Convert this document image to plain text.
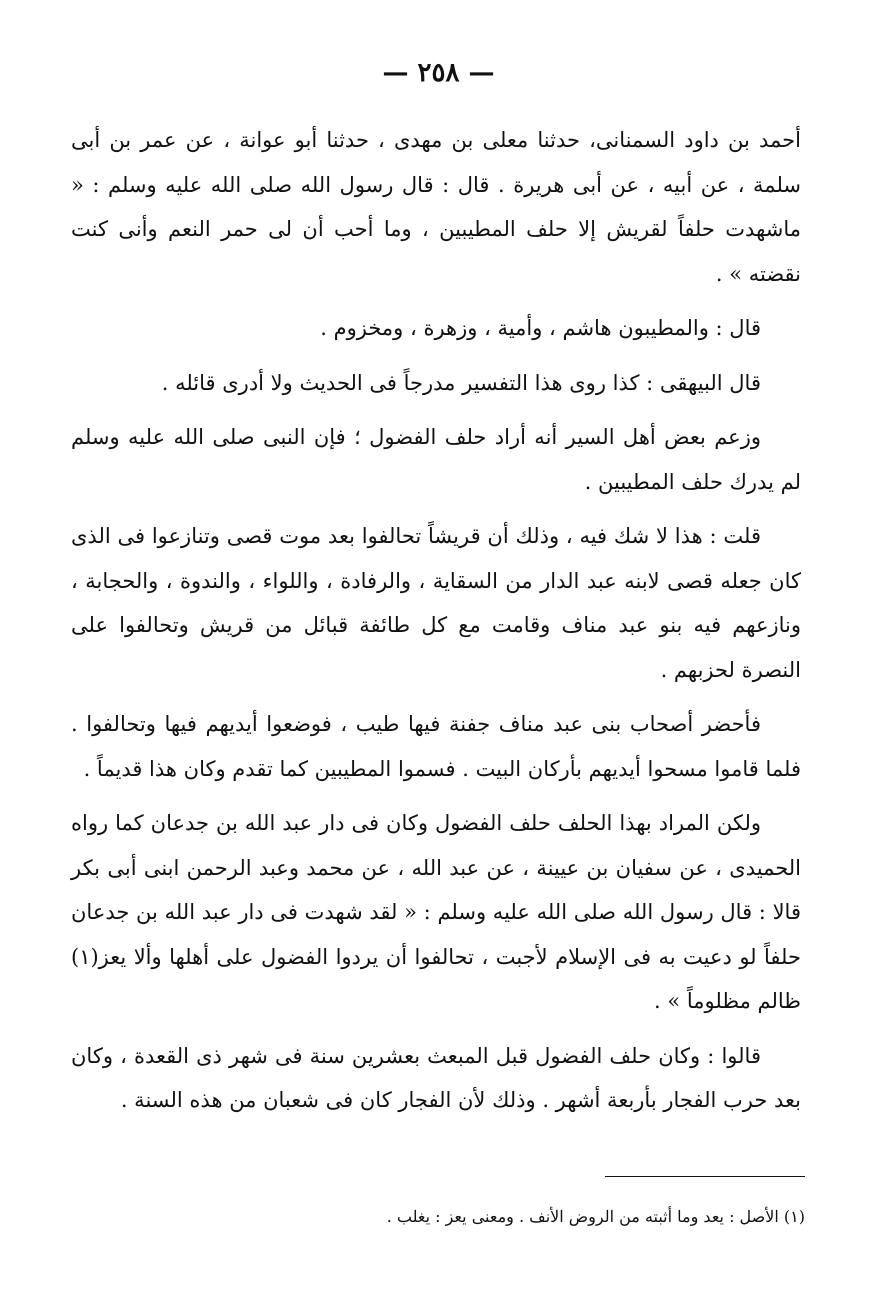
— ٢٥٨ —

أحمد بن داود السمنانى، حدثنا معلى بن مهدى ، حدثنا أبو عوانة ، عن عمر بن أبى سلمة ، عن أبيه ، عن أبى هريرة . قال : قال رسول الله صلى الله عليه وسلم : « ماشهدت حلفاً لقريش إلا حلف المطيبين ، وما أحب أن لى حمر النعم وأنى كنت نقضته » .

قال : والمطيبون هاشم ، وأمية ، وزهرة ، ومخزوم .

قال البيهقى : كذا روى هذا التفسير مدرجاً فى الحديث ولا أدرى قائله .

وزعم بعض أهل السير أنه أراد حلف الفضول ؛ فإن النبى صلى الله عليه وسلم لم يدرك حلف المطيبين .

قلت : هذا لا شك فيه ، وذلك أن قريشاً تحالفوا بعد موت قصى وتنازعوا فى الذى كان جعله قصى لابنه عبد الدار من السقاية ، والرفادة ، واللواء ، والندوة ، والحجابة ، ونازعهم فيه بنو عبد مناف وقامت مع كل طائفة قبائل من قريش وتحالفوا على النصرة لحزبهم .

فأحضر أصحاب بنى عبد مناف جفنة فيها طيب ، فوضعوا أيديهم فيها وتحالفوا . فلما قاموا مسحوا أيديهم بأركان البيت . فسموا المطيبين كما تقدم وكان هذا قديماً .

ولكن المراد بهذا الحلف حلف الفضول وكان فى دار عبد الله بن جدعان كما رواه الحميدى ، عن سفيان بن عيينة ، عن عبد الله ، عن محمد وعبد الرحمن ابنى أبى بكر قالا : قال رسول الله صلى الله عليه وسلم : « لقد شهدت فى دار عبد الله بن جدعان حلفاً لو دعيت به فى الإسلام لأجبت ، تحالفوا أن يردوا الفضول على أهلها وألا يعز(١) ظالم مظلوماً » .

قالوا : وكان حلف الفضول قبل المبعث بعشرين سنة فى شهر ذى القعدة ، وكان بعد حرب الفجار بأربعة أشهر . وذلك لأن الفجار كان فى شعبان من هذه السنة .

(١) الأصل : يعد وما أثبته من الروض الأنف . ومعنى يعز : يغلب .
